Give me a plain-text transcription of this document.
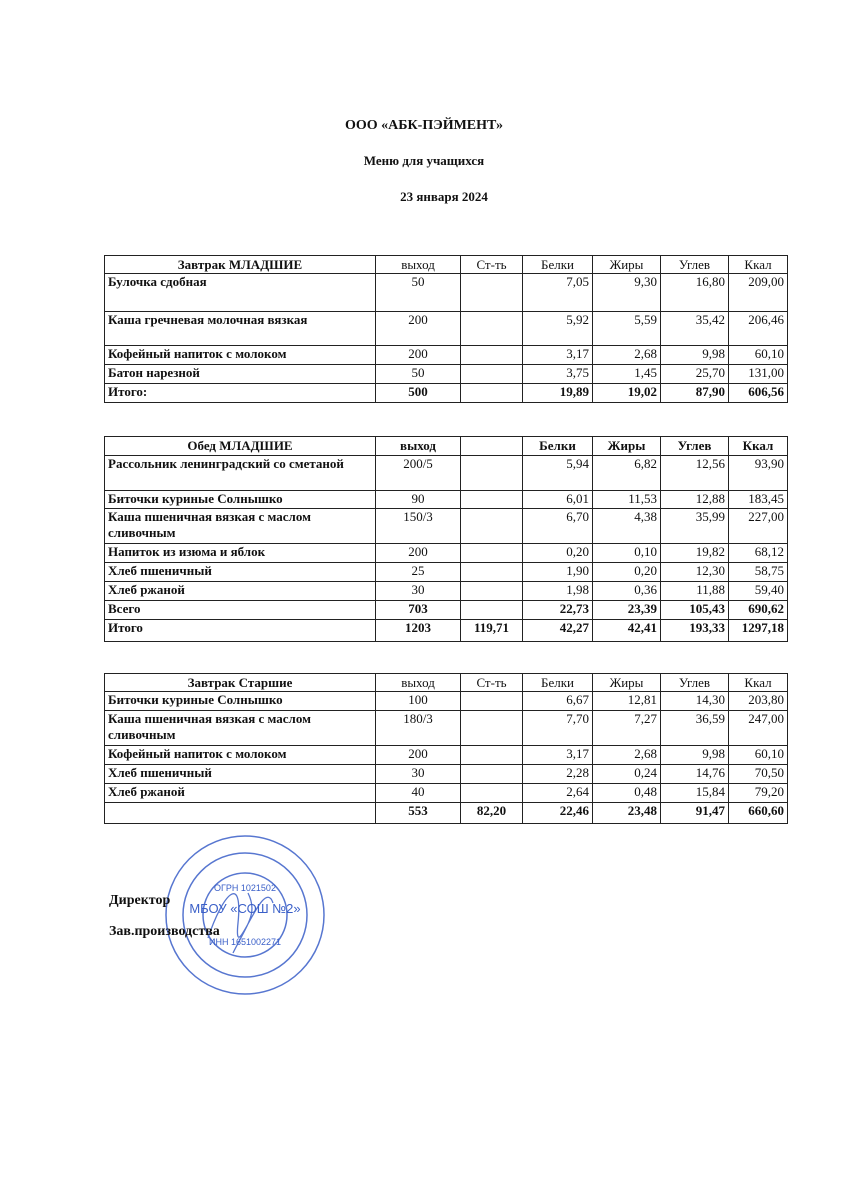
ООО «АБК-ПЭЙМЕНТ»
Меню для учащихся
23 января 2024
Завтрак МЛАДШИЕ	выход	Ст-ть	Белки	Жиры	Углев	Ккал
Булочка сдобная	50		7,05	9,30	16,80	209,00
Каша гречневая молочная вязкая	200		5,92	5,59	35,42	206,46
Кофейный напиток с молоком	200		3,17	2,68	9,98	60,10
Батон нарезной	50		3,75	1,45	25,70	131,00
Итого:	500		19,89	19,02	87,90	606,56
Обед МЛАДШИЕ	выход		Белки	Жиры	Углев	Ккал
Рассольник ленинградский со сметаной	200/5		5,94	6,82	12,56	93,90
Биточки куриные Солнышко	90		6,01	11,53	12,88	183,45
Каша пшеничная вязкая с маслом сливочным	150/3		6,70	4,38	35,99	227,00
Напиток из изюма и яблок	200		0,20	0,10	19,82	68,12
Хлеб пшеничный	25		1,90	0,20	12,30	58,75
Хлеб ржаной	30		1,98	0,36	11,88	59,40
Всего	703		22,73	23,39	105,43	690,62
Итого	1203	119,71	42,27	42,41	193,33	1297,18
Завтрак Старшие	выход	Ст-ть	Белки	Жиры	Углев	Ккал
Биточки куриные Солнышко	100		6,67	12,81	14,30	203,80
Каша пшеничная вязкая с маслом сливочным	180/3		7,70	7,27	36,59	247,00
Кофейный напиток с молоком	200		3,17	2,68	9,98	60,10
Хлеб пшеничный	30		2,28	0,24	14,76	70,50
Хлеб ржаной	40		2,64	0,48	15,84	79,20
	553	82,20	22,46	23,48	91,47	660,60
МБОУ «СОШ №2»
ОГРН 1021502
ИНН 1651002271
Директор
Зав.производства
